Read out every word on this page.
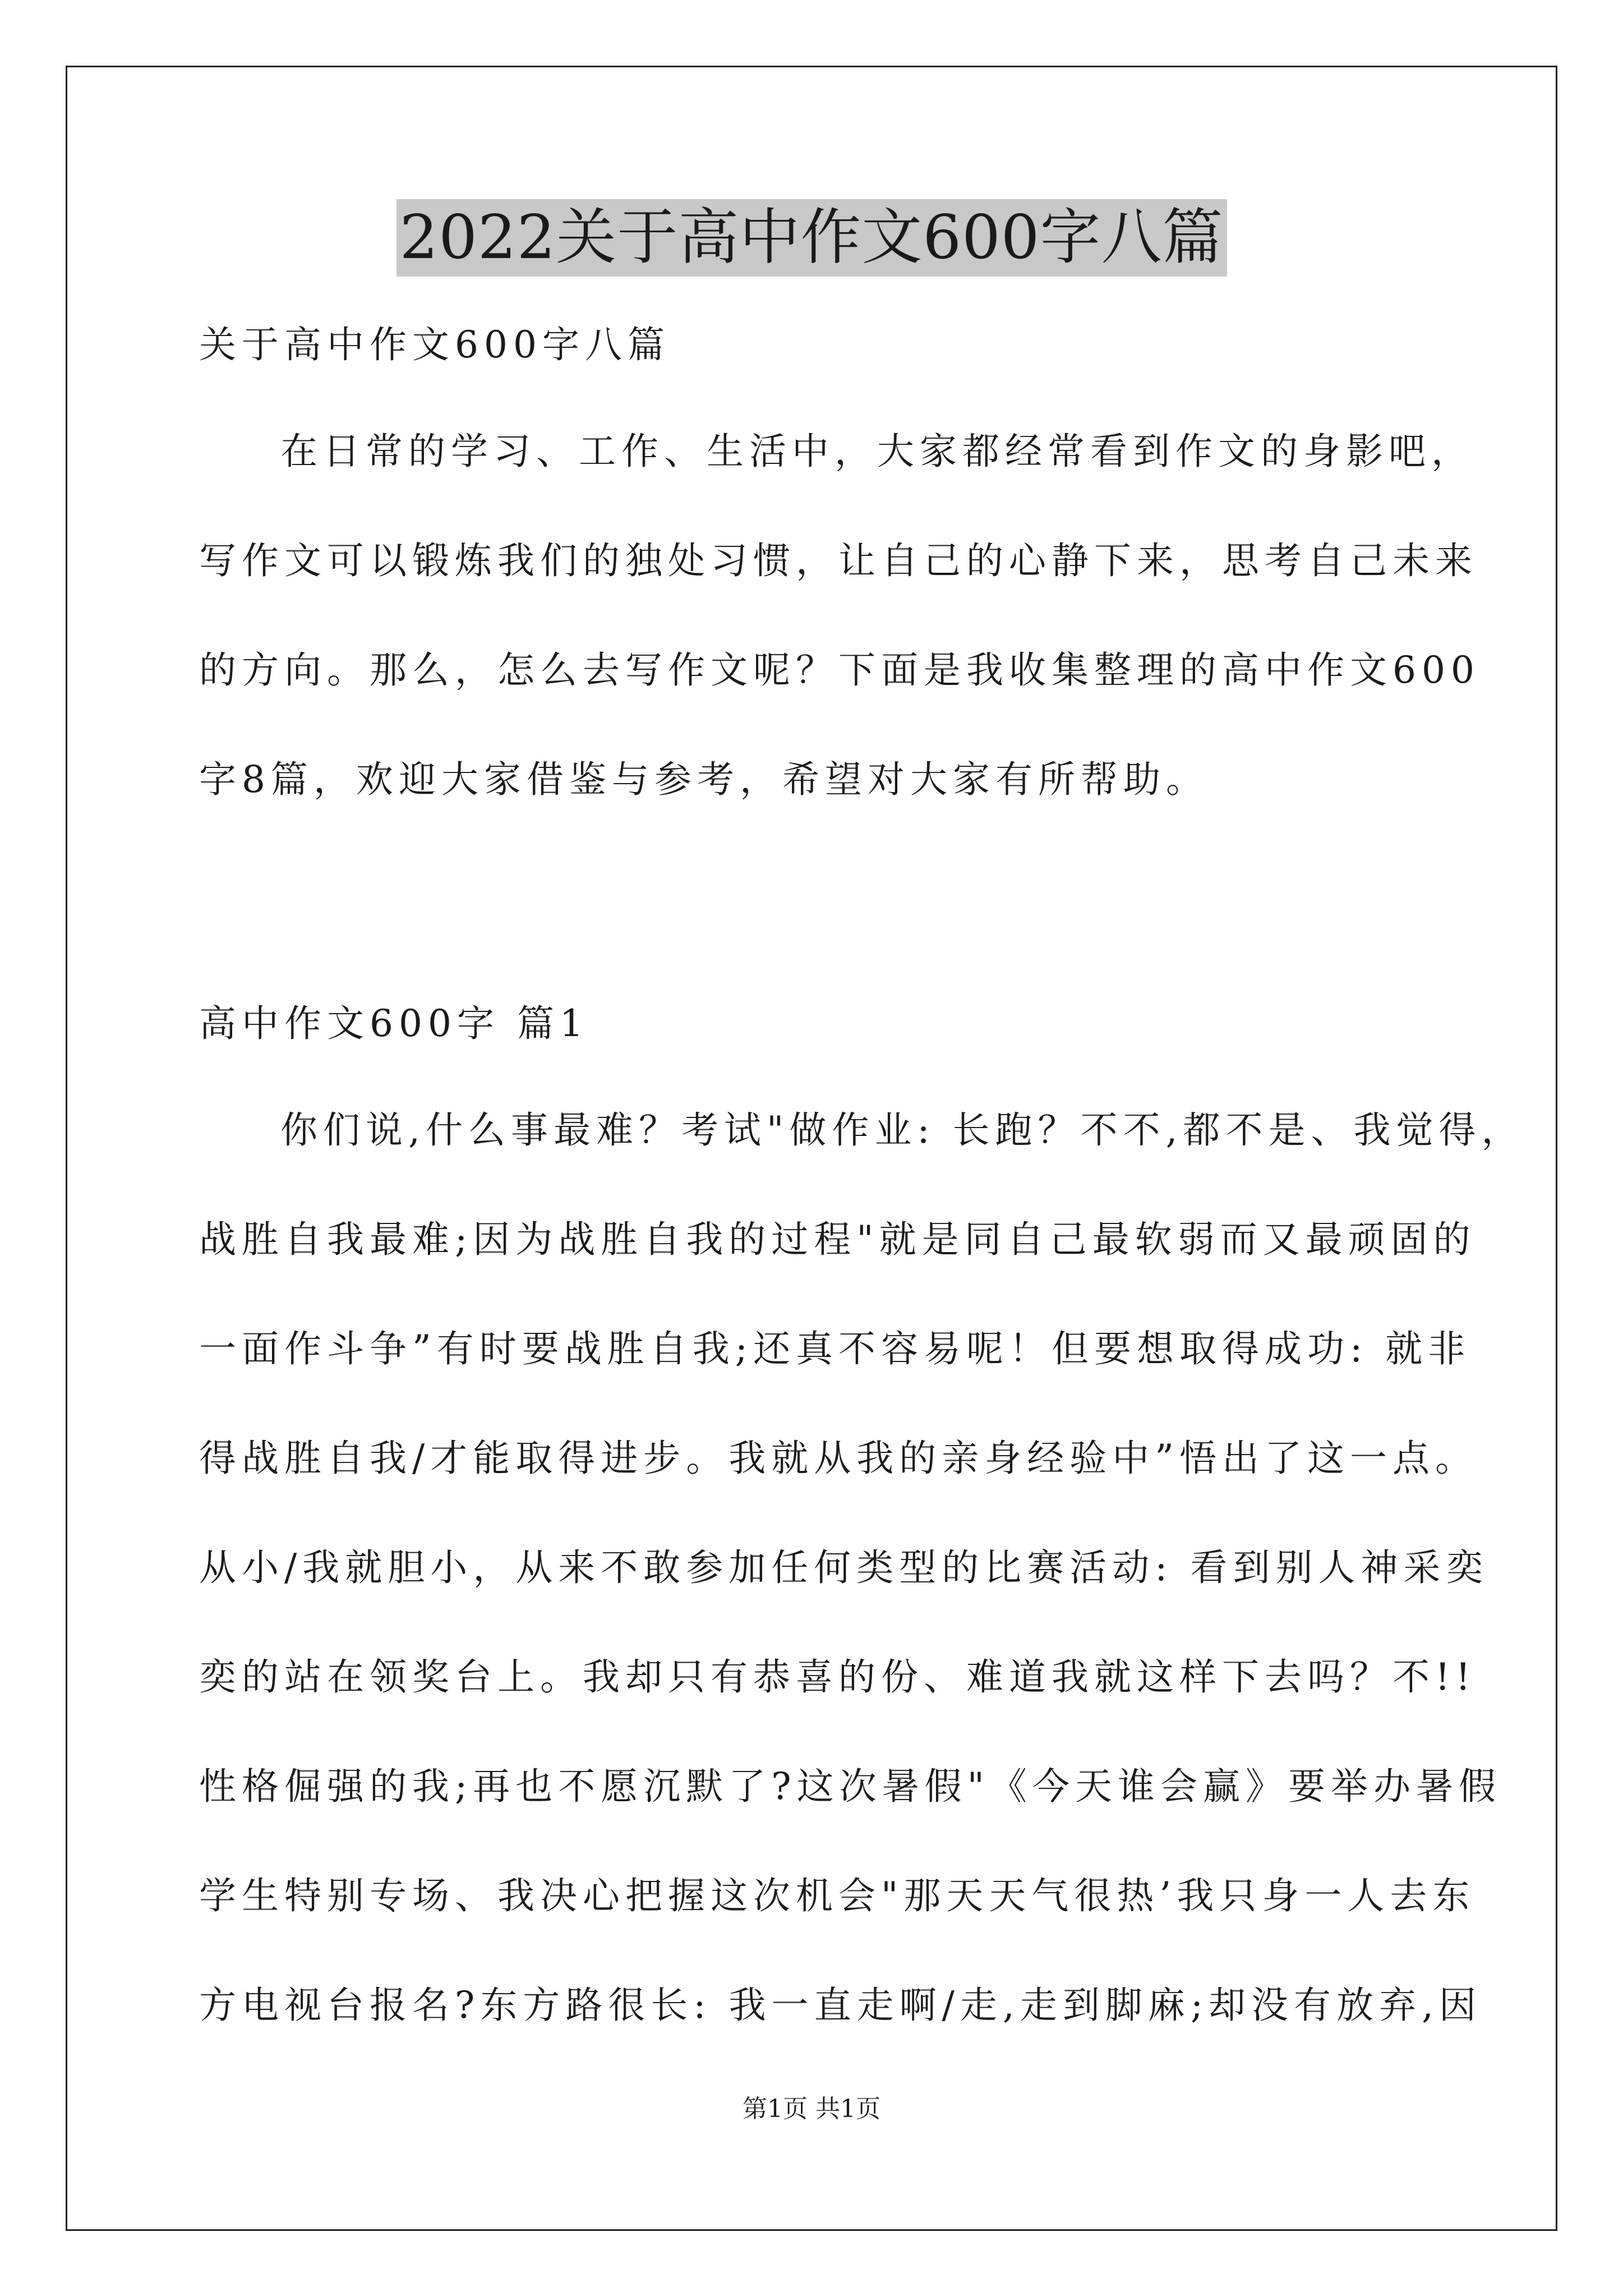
2022关于高中作文600字八篇
关于高中作文600字八篇
在日常的学习、工作、生活中，大家都经常看到作文的身影吧，
写作文可以锻炼我们的独处习惯，让自己的心静下来，思考自己未来
的方向。那么，怎么去写作文呢？下面是我收集整理的高中作文600
字8篇，欢迎大家借鉴与参考，希望对大家有所帮助。
高中作文600字 篇1
你们说,什么事最难？考试"做作业: 长跑？不不,都不是、我觉得，
战胜自我最难;因为战胜自我的过程"就是同自己最软弱而又最顽固的
一面作斗争”有时要战胜自我;还真不容易呢！但要想取得成功: 就非
得战胜自我/才能取得进步。我就从我的亲身经验中”悟出了这一点。
从小/我就胆小，从来不敢参加任何类型的比赛活动: 看到别人神采奕
奕的站在领奖台上。我却只有恭喜的份、难道我就这样下去吗？不!!
性格倔强的我;再也不愿沉默了?这次暑假"《今天谁会赢》要举办暑假
学生特别专场、我决心把握这次机会"那天天气很热’我只身一人去东
方电视台报名?东方路很长: 我一直走啊/走,走到脚麻;却没有放弃,因
第1页 共1页
